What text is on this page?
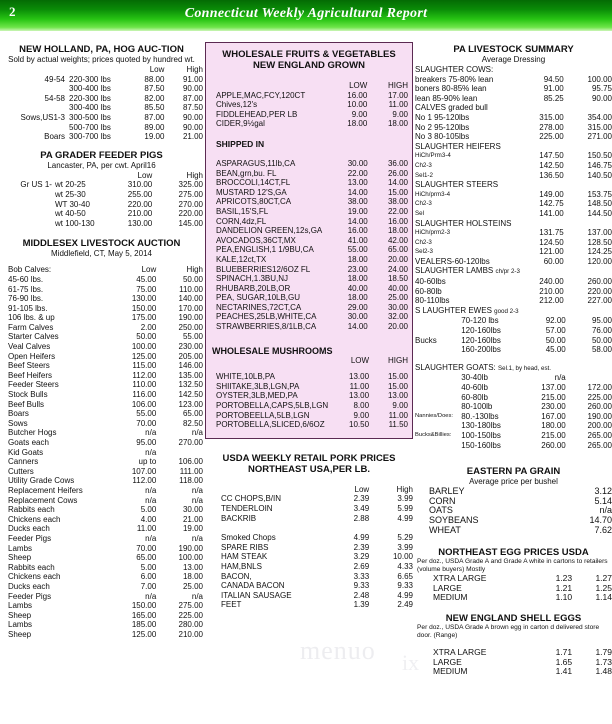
2	Connecticut Weekly Agricultural Report
NEW HOLLAND, PA, HOG AUC-TION
Sold by actual weights; prices quoted by hundred wt.
		Low	High
49-54	220-300 lbs	88.00	91.00
	300-400 lbs	87.50	90.00
54-58	220-300 lbs	82.00	87.00
	300-400 lbs	85.50	87.50
Sows,US1-3	300-500 lbs	87.00	90.00
	500-700 lbs	89.00	90.00
Boars	300-700 lbs	19.00	21.00
PA GRADER FEEDER PIGS
Lancaster, PA, per cwt. April16
		Low	High
Gr US 1-	wt 20-25	310.00	325.00
	wt 25-30	255.00	275.00
	WT 30-40	220.00	270.00
	wt 40-50	210.00	220.00
	wt 100-130	130.00	145.00
MIDDLESEX LIVESTOCK AUCTION
Middlefield, CT, May 5, 2014
Bob Calves:	Low	High
45-60 lbs.	45.00	50.00
61-75 lbs.	75.00	110.00
76-90 lbs.	130.00	140.00
91-105 lbs.	150.00	170.00
106 lbs. & up	175.00	190.00
Farm Calves	2.00	250.00
Starter Calves	50.00	55.00
Veal Calves	100.00	230.00
Open Heifers	125.00	205.00
Beef Steers	115.00	146.00
Beef Heifers	112.00	135.00
Feeder Steers	110.00	132.50
Stock Bulls	116.00	142.50
Beef Bulls	106.00	123.00
Boars	55.00	65.00
Sows	70.00	82.50
Butcher Hogs	n/a	n/a
Goats each	95.00	270.00
Kid Goats	n/a	
Canners	up to	106.00
Cutters	107.00	111.00
Utility Grade Cows	112.00	118.00
Replacement Heifers	n/a	n/a
Replacement Cows	n/a	n/a
Rabbits each	5.00	30.00
Chickens each	4.00	21.00
Ducks each	11.00	19.00
Feeder Pigs	n/a	n/a
Lambs	70.00	190.00
Sheep	65.00	100.00
Rabbits each	5.00	13.00
Chickens each	6.00	18.00
Ducks each	7.00	25.00
Feeder Pigs	n/a	n/a
Lambs	150.00	275.00
Sheep	165.00	225.00
Lambs	185.00	280.00
Sheep	125.00	210.00
WHOLESALE FRUITS & VEGETABLES
NEW ENGLAND GROWN
	LOW	HIGH
APPLE,MAC,FCY,120CT	16.00	17.00
Chives,12's	10.00	11.00
FIDDLEHEAD,PER LB	9.00	9.00
CIDER,9½gal	18.00	18.00
SHIPPED IN
ASPARAGUS,11lb,CA	30.00	36.00
BEAN,grn,bu. FL	22.00	26.00
BROCCOLI,14CT,FL	13.00	14.00
MUSTARD 12'S,GA	14.00	15.00
APRICOTS,80CT,CA	38.00	38.00
BASIL,15'S,FL	19.00	22.00
CORN,4dz,FL	14.00	16.00
DANDELION GREEN,12s,GA	16.00	18.00
AVOCADOS,36CT,MX	41.00	42.00
PEA,ENGLISH,1 1/9BU,CA	55.00	65.00
KALE,12ct,TX	18.00	20.00
BLUEBERRIES12/6OZ FL	23.00	24.00
SPINACH,1.3BU,NJ	18.00	18.50
RHUBARB,20LB,OR	40.00	40.00
PEA, SUGAR,10LB,GU	18.00	25.00
NECTARINES,72CT,CA	29.00	30.00
PEACHES,25LB,WHITE,CA	30.00	32.00
STRAWBERRIES,8/1LB,CA	14.00	20.00
WHOLESALE MUSHROOMS
	LOW	HIGH

WHITE,10LB,PA	13.00	15.00
SHIITAKE,3LB,LGN,PA	11.00	15.00
OYSTER,3LB,MED,PA	13.00	13.00
PORTOBELLA,CAPS,5LB,LGN	8.00	9.00
PORTOBEELLA,5LB,LGN	9.00	11.00
PORTOBELLA,SLICED,6/6OZ	10.50	11.50
USDA WEEKLY RETAIL PORK PRICES
NORTHEAST USA,PER LB.
	Low	High
CC CHOPS,B/IN	2.39	3.99
TENDERLOIN	3.49	5.99
BACKRIB	2.88	4.99

Smoked Chops	4.99	5.29
SPARE RIBS	2.39	3.99
HAM STEAK	3.29	10.00
HAM,BNLS	2.69	4.33
BACON,	3.33	6.65
CANADA BACON	9.33	9.33
ITALIAN SAUSAGE	2.48	4.99
FEET	1.39	2.49
PA LIVESTOCK SUMMARY
Average Dressing
SLAUGHTER COWS:		
breakers 75-80% lean	94.50	100.00
boners 80-85% lean	91.00	95.75
lean 85-90% lean	85.25	90.00
CALVES graded bull		
No 1 95-120lbs	315.00	354.00
No 2 95-120lbs	278.00	315.00
No 3 80-105lbs	225.00	271.00
SLAUGHTER HEIFERS		
HiCh/Prm3-4	147.50	150.50
Ch2-3	142.50	146.75
Sel1-2	136.50	140.50
SLAUGHTER STEERS		
HiCh/prm3-4	149.00	153.75
Ch2-3	142.75	148.50
Sel	141.00	144.50
SLAUGHTER HOLSTEINS		
HiCh/prm2-3	131.75	137.00
Ch2-3	124.50	128.50
Sel2-3	121.00	124.25
VEALERS-60-120lbs	60.00	120.00
SLAUGHTER LAMBS ch/pr 2-3		
40-60lbs	240.00	260.00
60-80lb	210.00	220.00
80-110lbs	212.00	227.00
S LAUGHTER EWES good 2-3			
	70-120 lbs	92.00	95.00
	120-160lbs	57.00	76.00
Bucks	120-160lbs	50.00	50.00
	160-200lbs	45.00	58.00
SLAUGHTER GOATS: Sel.1, by head, est.			
	30-40lb	n/a	
	40-60lb	137.00	172.00
	60-80lb	215.00	225.00
	80-100lb	230.00	260.00
Nannies/Does:	80.-130lbs	167.00	190.00
	130-180lbs	180.00	200.00
Bucks&Billies:	100-150lbs	215.00	265.00
	150-160lbs	260.00	265.00
EASTERN PA GRAIN
Average price per bushel
BARLEY	3.12
CORN	5.14
OATS	n/a
SOYBEANS	14.70
WHEAT	7.62
NORTHEAST EGG PRICES USDA
Per doz., USDA Grade A and Grade A white in cartons to retailers (volume buyers) Mostly
XTRA LARGE	1.23	1.27
LARGE	1.21	1.25
MEDIUM	1.10	1.14
NEW ENGLAND SHELL EGGS
Per doz., USDA Grade A brown egg in carton d delivered store door. (Range)
XTRA LARGE	1.71	1.79
LARGE	1.65	1.73
MEDIUM	1.41	1.48
menuo ix
